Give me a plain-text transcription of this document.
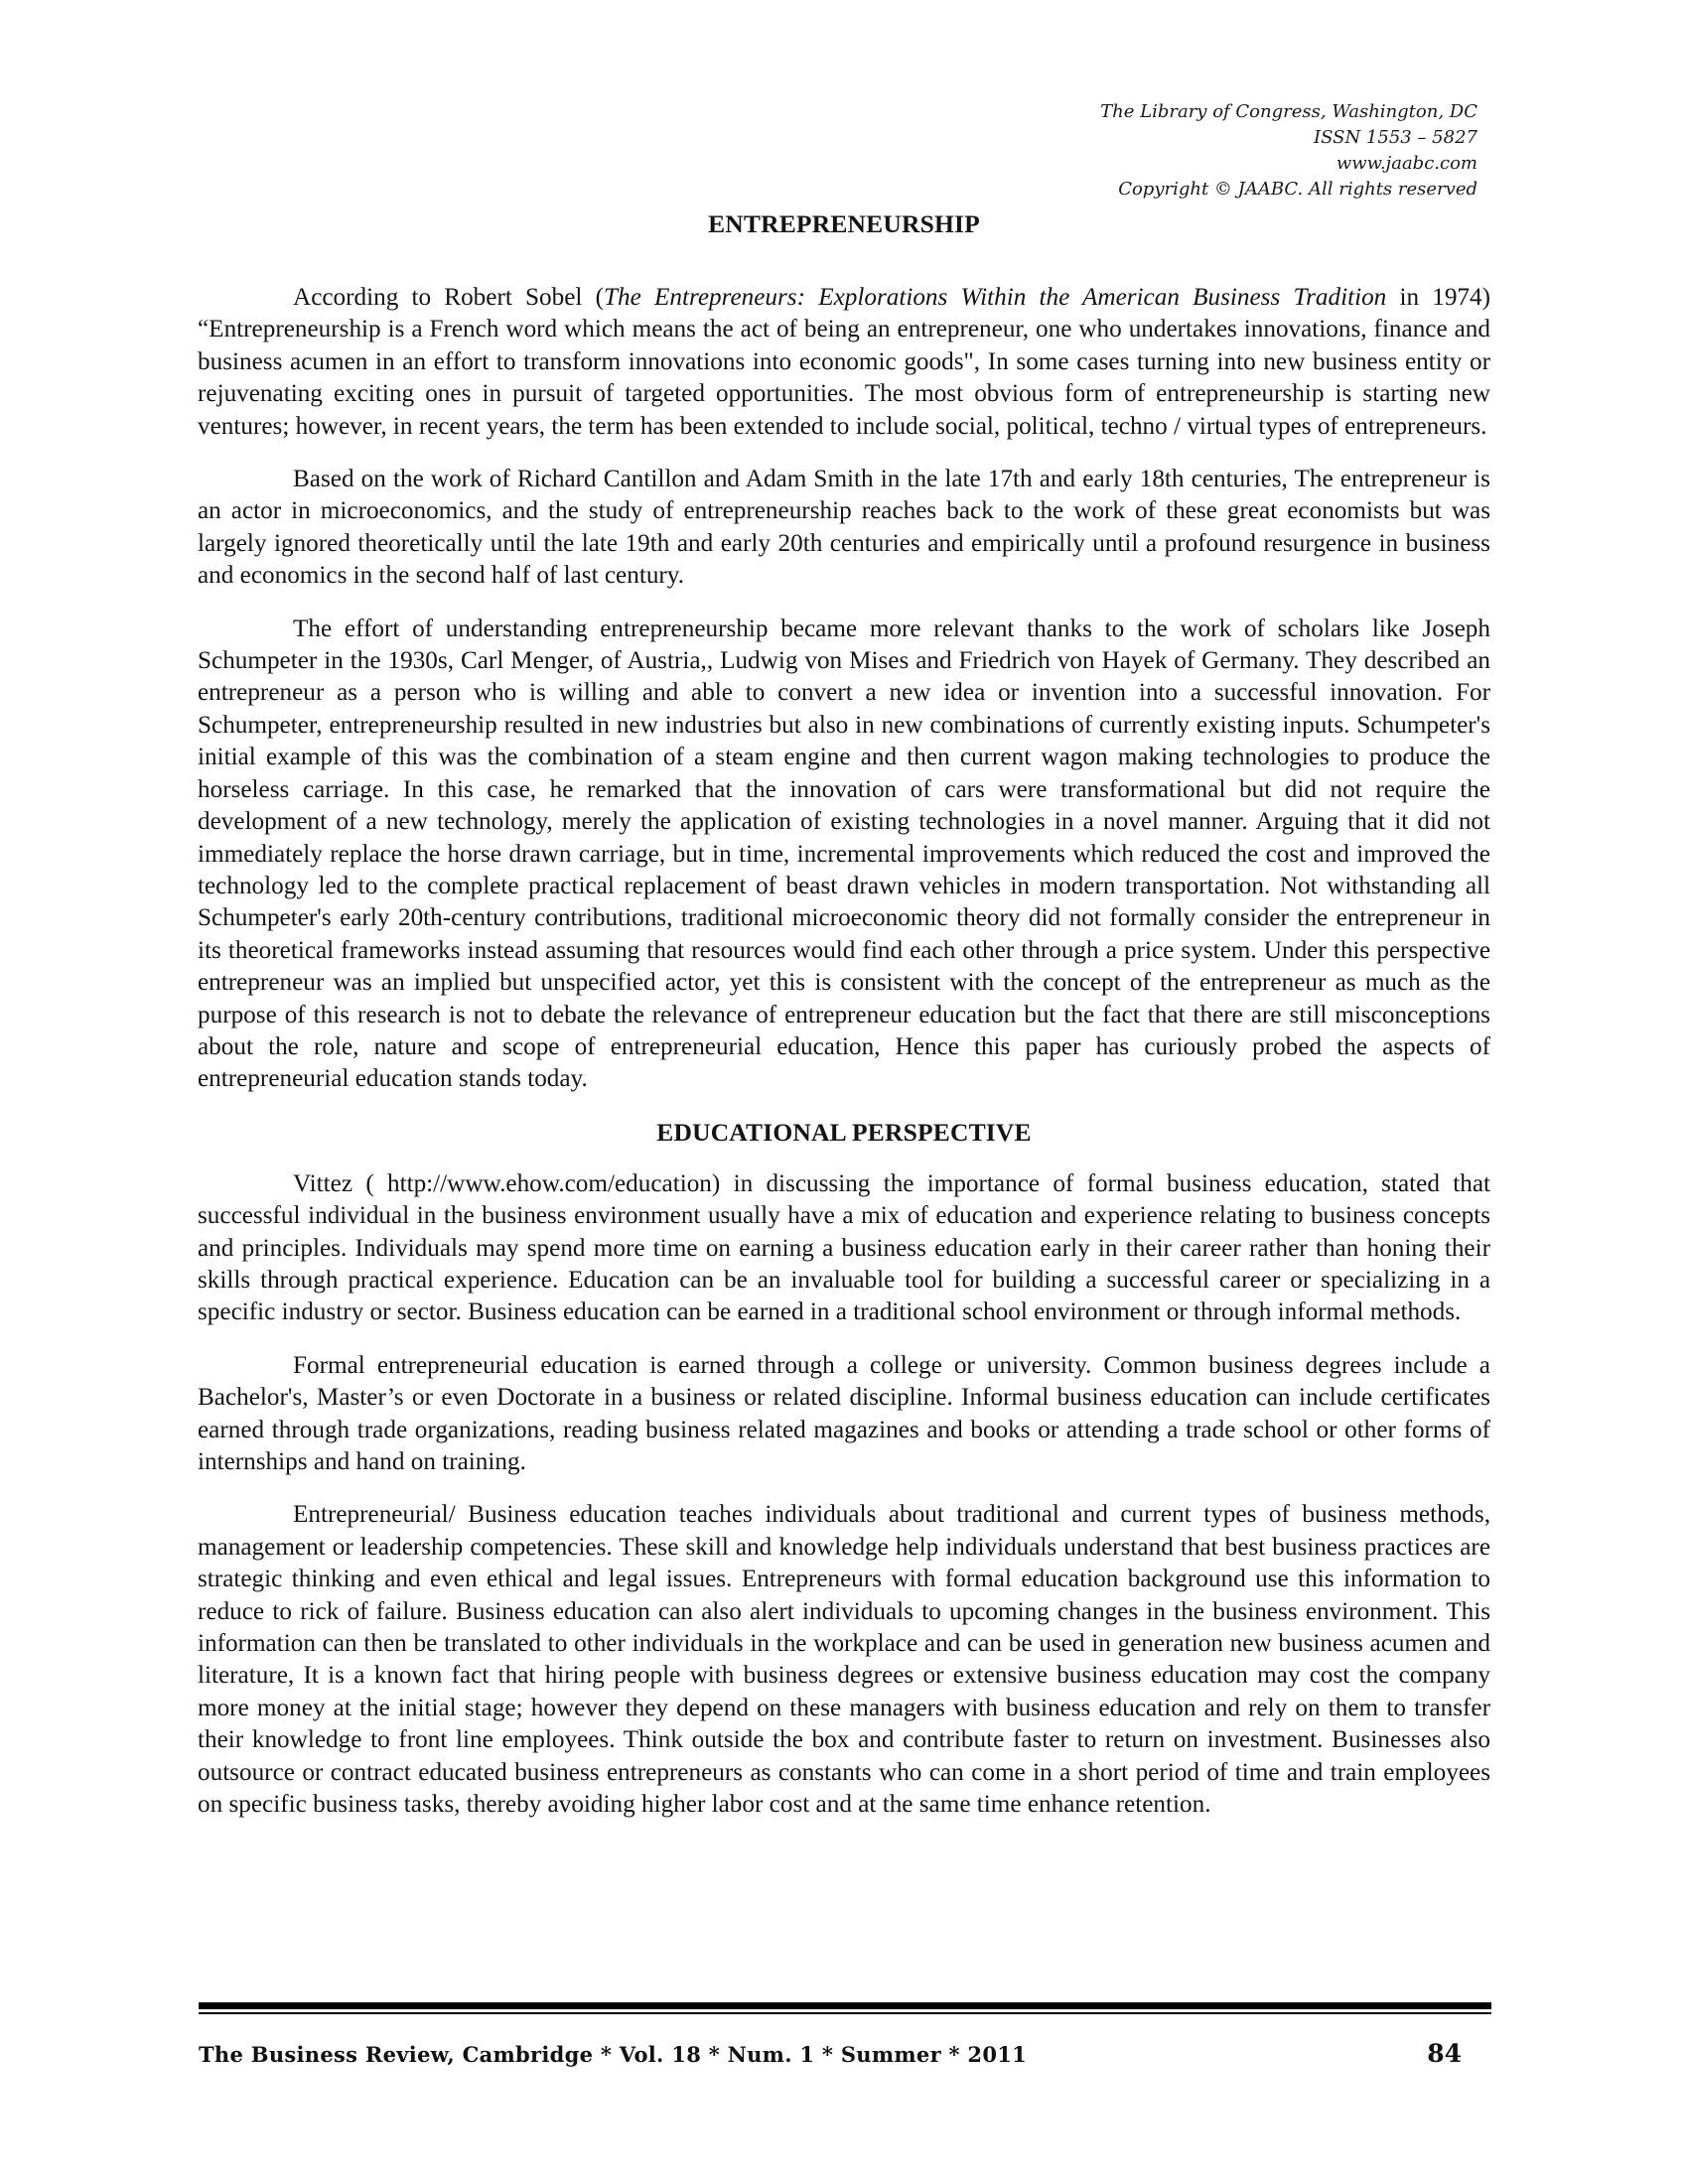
The Library of Congress, Washington, DC
ISSN 1553 – 5827
www.jaabc.com
Copyright © JAABC. All rights reserved
ENTREPRENEURSHIP

According to Robert Sobel (The Entrepreneurs: Explorations Within the American Business Tradition in 1974) “Entrepreneurship is a French word which means the act of being an entrepreneur, one who undertakes innovations, finance and business acumen in an effort to transform innovations into economic goods", In some cases turning into new business entity or rejuvenating exciting ones in pursuit of targeted opportunities. The most obvious form of entrepreneurship is starting new ventures; however, in recent years, the term has been extended to include social, political, techno / virtual types of entrepreneurs.

Based on the work of Richard Cantillon and Adam Smith in the late 17th and early 18th centuries, The entrepreneur is an actor in microeconomics, and the study of entrepreneurship reaches back to the work of these great economists but was largely ignored theoretically until the late 19th and early 20th centuries and empirically until a profound resurgence in business and economics in the second half of last century.

The effort of understanding entrepreneurship became more relevant thanks to the work of scholars like Joseph Schumpeter in the 1930s, Carl Menger, of Austria,, Ludwig von Mises and Friedrich von Hayek of Germany. They described an entrepreneur as a person who is willing and able to convert a new idea or invention into a successful innovation. For Schumpeter, entrepreneurship resulted in new industries but also in new combinations of currently existing inputs. Schumpeter's initial example of this was the combination of a steam engine and then current wagon making technologies to produce the horseless carriage. In this case, he remarked that the innovation of cars were transformational but did not require the development of a new technology, merely the application of existing technologies in a novel manner. Arguing that it did not immediately replace the horse drawn carriage, but in time, incremental improvements which reduced the cost and improved the technology led to the complete practical replacement of beast drawn vehicles in modern transportation. Not withstanding all Schumpeter's early 20th-century contributions, traditional microeconomic theory did not formally consider the entrepreneur in its theoretical frameworks instead assuming that resources would find each other through a price system. Under this perspective entrepreneur was an implied but unspecified actor, yet this is consistent with the concept of the entrepreneur as much as the purpose of this research is not to debate the relevance of entrepreneur education but the fact that there are still misconceptions about the role, nature and scope of entrepreneurial education, Hence this paper has curiously probed the aspects of entrepreneurial education stands today.

EDUCATIONAL PERSPECTIVE

Vittez ( http://www.ehow.com/education) in discussing the importance of formal business education, stated that successful individual in the business environment usually have a mix of education and experience relating to business concepts and principles. Individuals may spend more time on earning a business education early in their career rather than honing their skills through practical experience. Education can be an invaluable tool for building a successful career or specializing in a specific industry or sector. Business education can be earned in a traditional school environment or through informal methods.

Formal entrepreneurial education is earned through a college or university. Common business degrees include a Bachelor's, Master’s or even Doctorate in a business or related discipline. Informal business education can include certificates earned through trade organizations, reading business related magazines and books or attending a trade school or other forms of internships and hand on training.

Entrepreneurial/ Business education teaches individuals about traditional and current types of business methods, management or leadership competencies. These skill and knowledge help individuals understand that best business practices are strategic thinking and even ethical and legal issues. Entrepreneurs with formal education background use this information to reduce to rick of failure. Business education can also alert individuals to upcoming changes in the business environment. This information can then be translated to other individuals in the workplace and can be used in generation new business acumen and literature, It is a known fact that hiring people with business degrees or extensive business education may cost the company more money at the initial stage; however they depend on these managers with business education and rely on them to transfer their knowledge to front line employees. Think outside the box and contribute faster to return on investment. Businesses also outsource or contract educated business entrepreneurs as constants who can come in a short period of time and train employees on specific business tasks, thereby avoiding higher labor cost and at the same time enhance retention.

The Business Review, Cambridge * Vol. 18 * Num. 1 * Summer * 2011	84
